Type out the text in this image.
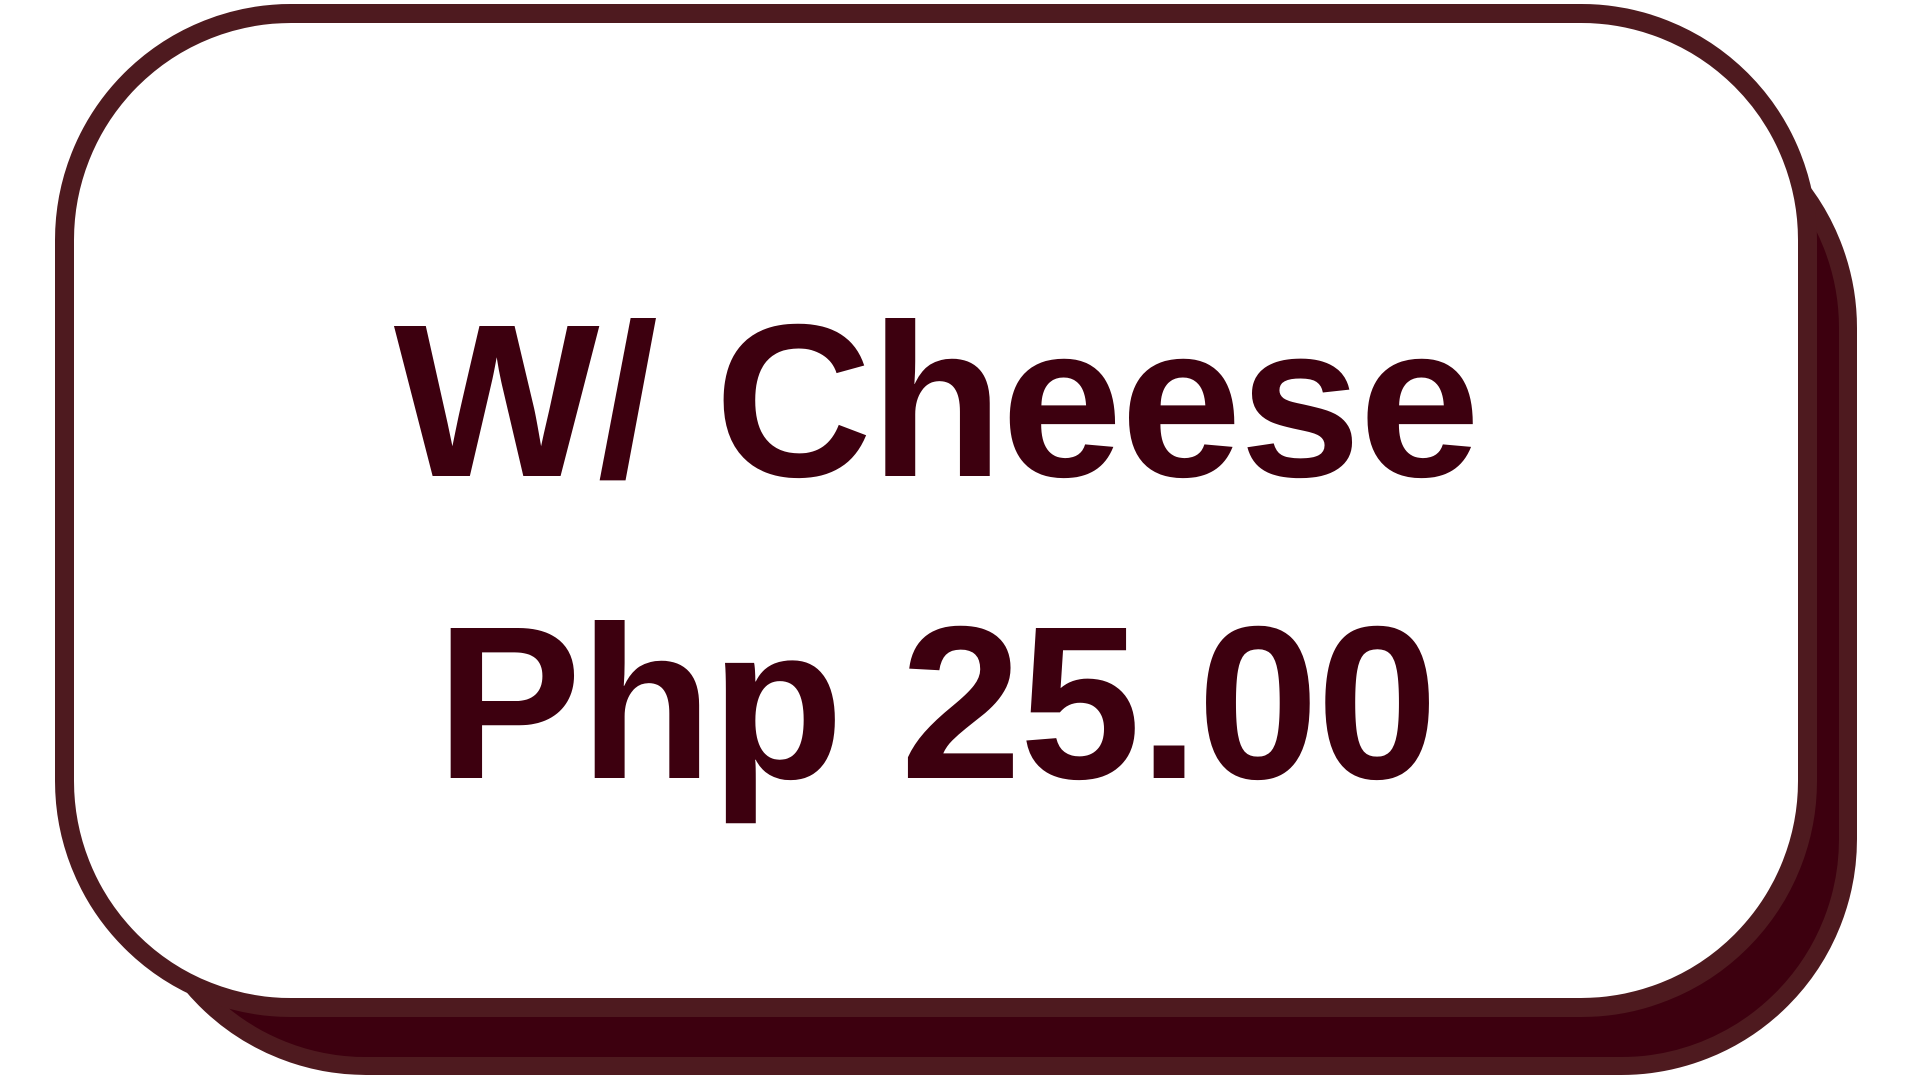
W/ Cheese
Php 25.00
